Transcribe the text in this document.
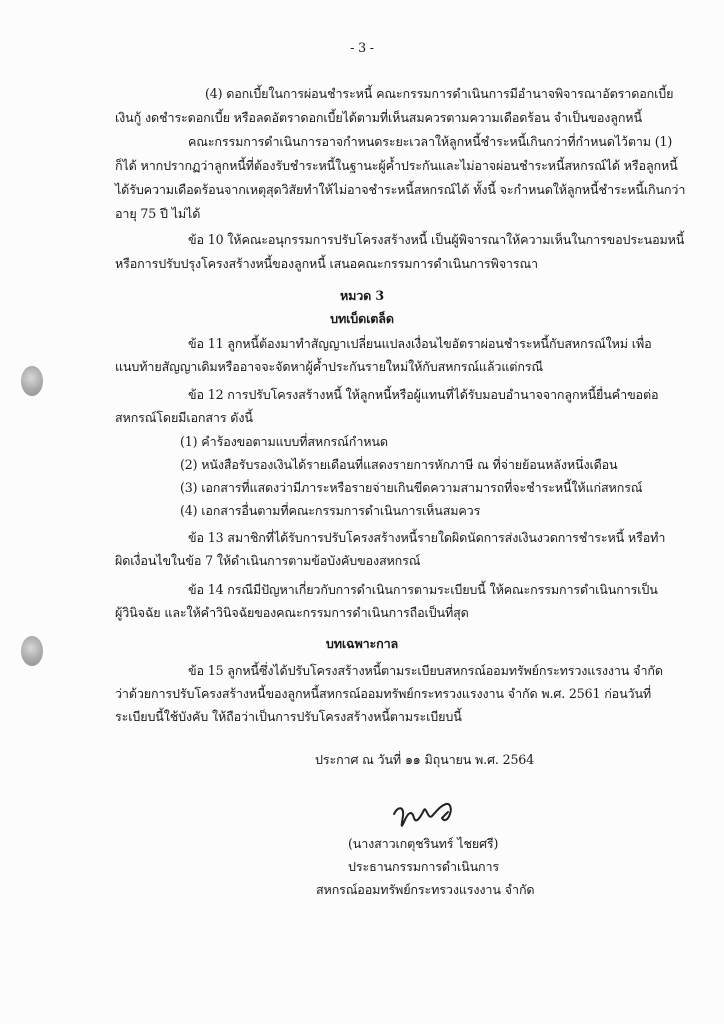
- 3 -
(4) ดอกเบี้ยในการผ่อนชำระหนี้ คณะกรรมการดำเนินการมีอำนาจพิจารณาอัตราดอกเบี้ย
เงินกู้ งดชำระดอกเบี้ย หรือลดอัตราดอกเบี้ยได้ตามที่เห็นสมควรตามความเดือดร้อน จำเป็นของลูกหนี้
คณะกรรมการดำเนินการอาจกำหนดระยะเวลาให้ลูกหนี้ชำระหนี้เกินกว่าที่กำหนดไว้ตาม (1)
ก็ได้ หากปรากฏว่าลูกหนี้ที่ต้องรับชำระหนี้ในฐานะผู้ค้ำประกันและไม่อาจผ่อนชำระหนี้สหกรณ์ได้ หรือลูกหนี้
ได้รับความเดือดร้อนจากเหตุสุดวิสัยทำให้ไม่อาจชำระหนี้สหกรณ์ได้ ทั้งนี้ จะกำหนดให้ลูกหนี้ชำระหนี้เกินกว่า
อายุ 75 ปี ไม่ได้
ข้อ 10 ให้คณะอนุกรรมการปรับโครงสร้างหนี้ เป็นผู้พิจารณาให้ความเห็นในการขอประนอมหนี้
หรือการปรับปรุงโครงสร้างหนี้ของลูกหนี้ เสนอคณะกรรมการดำเนินการพิจารณา
หมวด 3
บทเบ็ดเตล็ด
ข้อ 11 ลูกหนี้ต้องมาทำสัญญาเปลี่ยนแปลงเงื่อนไขอัตราผ่อนชำระหนี้กับสหกรณ์ใหม่ เพื่อ
แนบท้ายสัญญาเดิมหรืออาจจะจัดหาผู้ค้ำประกันรายใหม่ให้กับสหกรณ์แล้วแต่กรณี
ข้อ 12 การปรับโครงสร้างหนี้ ให้ลูกหนี้หรือผู้แทนที่ได้รับมอบอำนาจจากลูกหนี้ยื่นคำขอต่อ
สหกรณ์โดยมีเอกสาร ดังนี้
(1) คำร้องขอตามแบบที่สหกรณ์กำหนด
(2) หนังสือรับรองเงินได้รายเดือนที่แสดงรายการหักภาษี ณ ที่จ่ายย้อนหลังหนึ่งเดือน
(3) เอกสารที่แสดงว่ามีภาระหรือรายจ่ายเกินขีดความสามารถที่จะชำระหนี้ให้แก่สหกรณ์
(4) เอกสารอื่นตามที่คณะกรรมการดำเนินการเห็นสมควร
ข้อ 13 สมาชิกที่ได้รับการปรับโครงสร้างหนี้รายใดผิดนัดการส่งเงินงวดการชำระหนี้ หรือทำ
ผิดเงื่อนไขในข้อ 7 ให้ดำเนินการตามข้อบังคับของสหกรณ์
ข้อ 14 กรณีมีปัญหาเกี่ยวกับการดำเนินการตามระเบียบนี้ ให้คณะกรรมการดำเนินการเป็น
ผู้วินิจฉัย และให้คำวินิจฉัยของคณะกรรมการดำเนินการถือเป็นที่สุด
บทเฉพาะกาล
ข้อ 15 ลูกหนี้ซึ่งได้ปรับโครงสร้างหนี้ตามระเบียบสหกรณ์ออมทรัพย์กระทรวงแรงงาน จำกัด
ว่าด้วยการปรับโครงสร้างหนี้ของลูกหนี้สหกรณ์ออมทรัพย์กระทรวงแรงงาน จำกัด พ.ศ. 2561 ก่อนวันที่
ระเบียบนี้ใช้บังคับ ให้ถือว่าเป็นการปรับโครงสร้างหนี้ตามระเบียบนี้
ประกาศ ณ วันที่ ๑๑ มิถุนายน พ.ศ. 2564
(นางสาวเกตุชรินทร์ ไชยศรี)
ประธานกรรมการดำเนินการ
สหกรณ์ออมทรัพย์กระทรวงแรงงาน จำกัด
